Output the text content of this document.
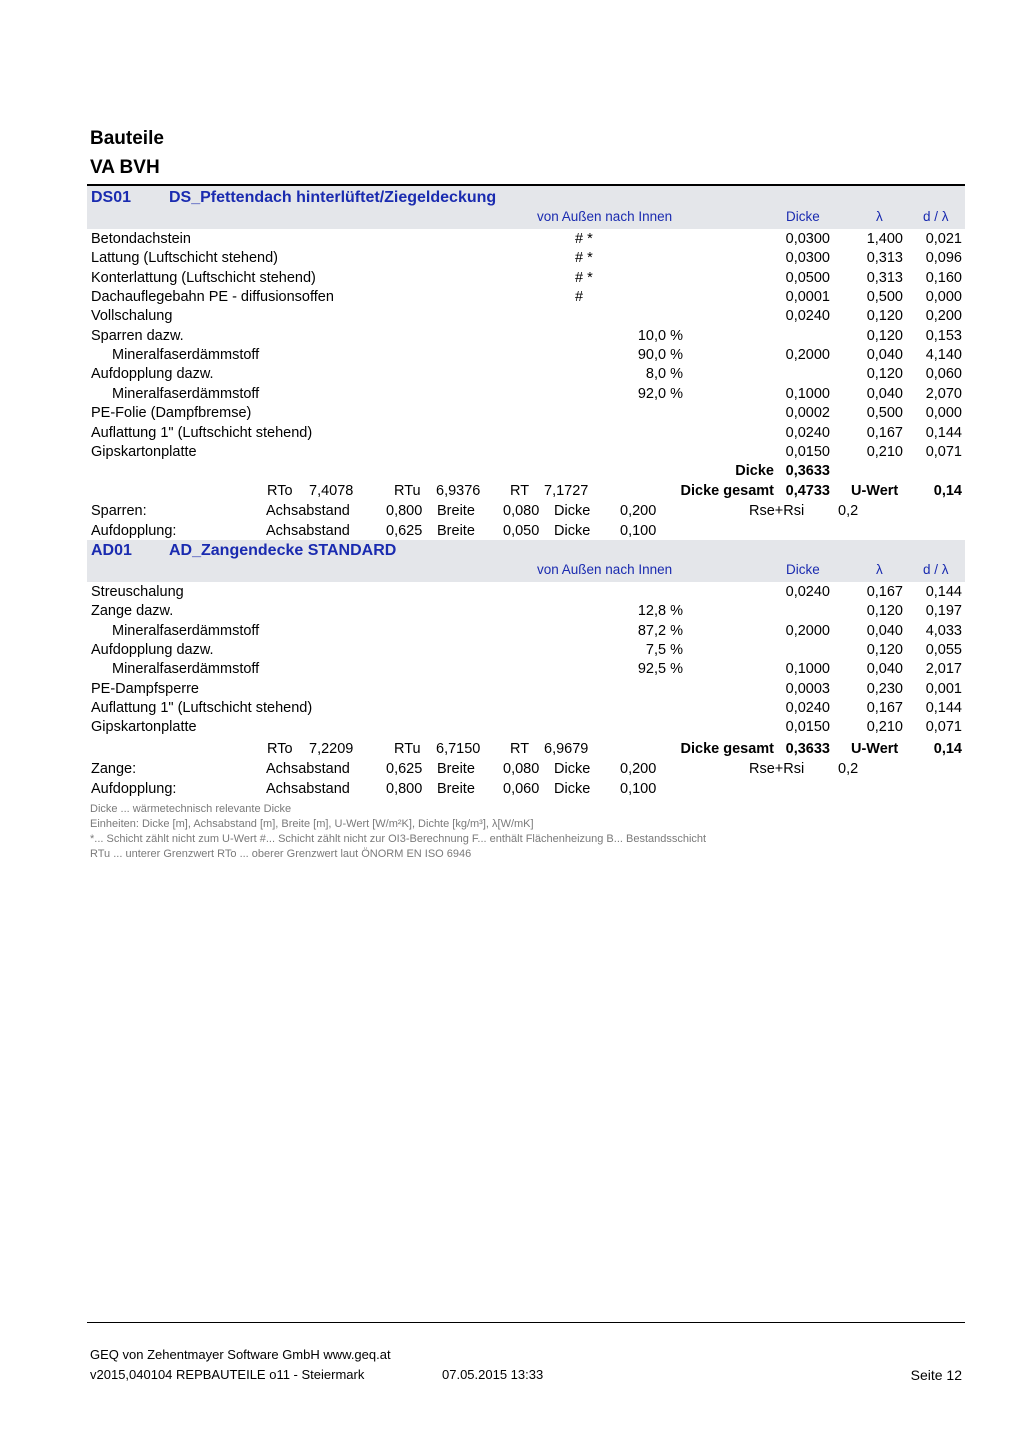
Bauteile
VA BVH
DS01 DS_Pfettendach hinterlüftet/Ziegeldeckung
von Außen nach Innen	Dicke	λ	d / λ
Betondachstein	# *	0,0300	1,400 0,021
Lattung (Luftschicht stehend)	# *	0,0300	0,313 0,096
Konterlattung (Luftschicht stehend)	# *	0,0500	0,313 0,160
Dachauflegebahn PE - diffusionsoffen	#	0,0001	0,500 0,000
Vollschalung	0,0240	0,120 0,200
Sparren dazw.	10,0 %	0,120 0,153
Mineralfaserdämmstoff	90,0 %	0,2000	0,040 4,140
Aufdopplung dazw.	8,0 %	0,120 0,060
Mineralfaserdämmstoff	92,0 %	0,1000	0,040 2,070
PE-Folie (Dampfbremse)	0,0002	0,500 0,000
Auflattung 1" (Luftschicht stehend)	0,0240	0,167 0,144
Gipskartonplatte	0,0150	0,210 0,071
Dicke 0,3633
RTo 7,4078	RTu 6,9376 RT 7,1727	Dicke gesamt 0,4733 U-Wert 0,14
Sparren:	Achsabstand 0,800 Breite 0,080 Dicke 0,200	Rse+Rsi 0,2
Aufdopplung:	Achsabstand 0,625 Breite 0,050 Dicke 0,100
AD01 AD_Zangendecke STANDARD
von Außen nach Innen	Dicke	λ	d / λ
Streuschalung	0,0240	0,167 0,144
Zange dazw.	12,8 %	0,120 0,197
Mineralfaserdämmstoff	87,2 %	0,2000	0,040 4,033
Aufdopplung dazw.	7,5 %	0,120 0,055
Mineralfaserdämmstoff	92,5 %	0,1000	0,040 2,017
PE-Dampfsperre	0,0003	0,230 0,001
Auflattung 1" (Luftschicht stehend)	0,0240	0,167 0,144
Gipskartonplatte	0,0150	0,210 0,071
RTo 7,2209	RTu 6,7150 RT 6,9679	Dicke gesamt 0,3633 U-Wert 0,14
Zange:	Achsabstand 0,625 Breite 0,080 Dicke 0,200	Rse+Rsi 0,2
Aufdopplung:	Achsabstand 0,800 Breite 0,060 Dicke 0,100
Dicke ... wärmetechnisch relevante Dicke
Einheiten: Dicke [m], Achsabstand [m], Breite [m], U-Wert [W/m²K], Dichte [kg/m³], λ[W/mK]
*... Schicht zählt nicht zum U-Wert #... Schicht zählt nicht zur OI3-Berechnung F... enthält Flächenheizung B... Bestandsschicht
RTu ... unterer Grenzwert RTo ... oberer Grenzwert laut ÖNORM EN ISO 6946
GEQ von Zehentmayer Software GmbH www.geq.at
v2015,040104 REPBAUTEILE o11 - Steiermark	07.05.2015 13:33	Seite 12
